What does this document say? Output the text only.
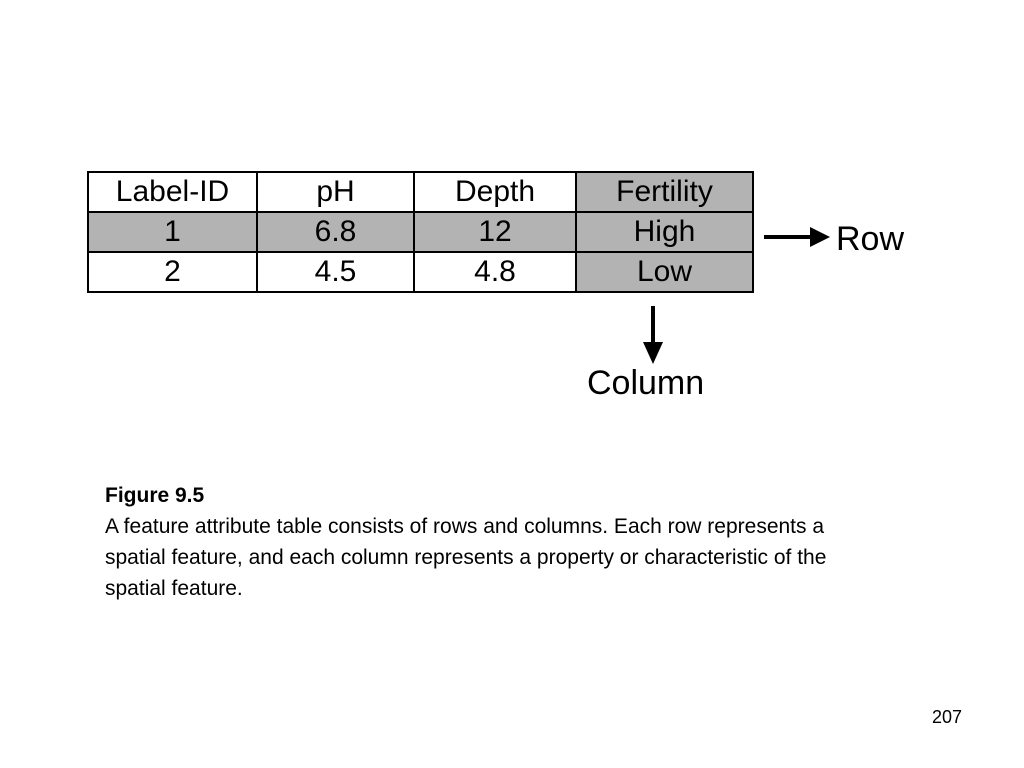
Label-ID	pH	Depth	Fertility
1	6.8	12	High
2	4.5	4.8	Low
Row
Column
Figure 9.5
A feature attribute table consists of rows and columns. Each row represents a spatial feature, and each column represents a property or characteristic of the spatial feature.
207
